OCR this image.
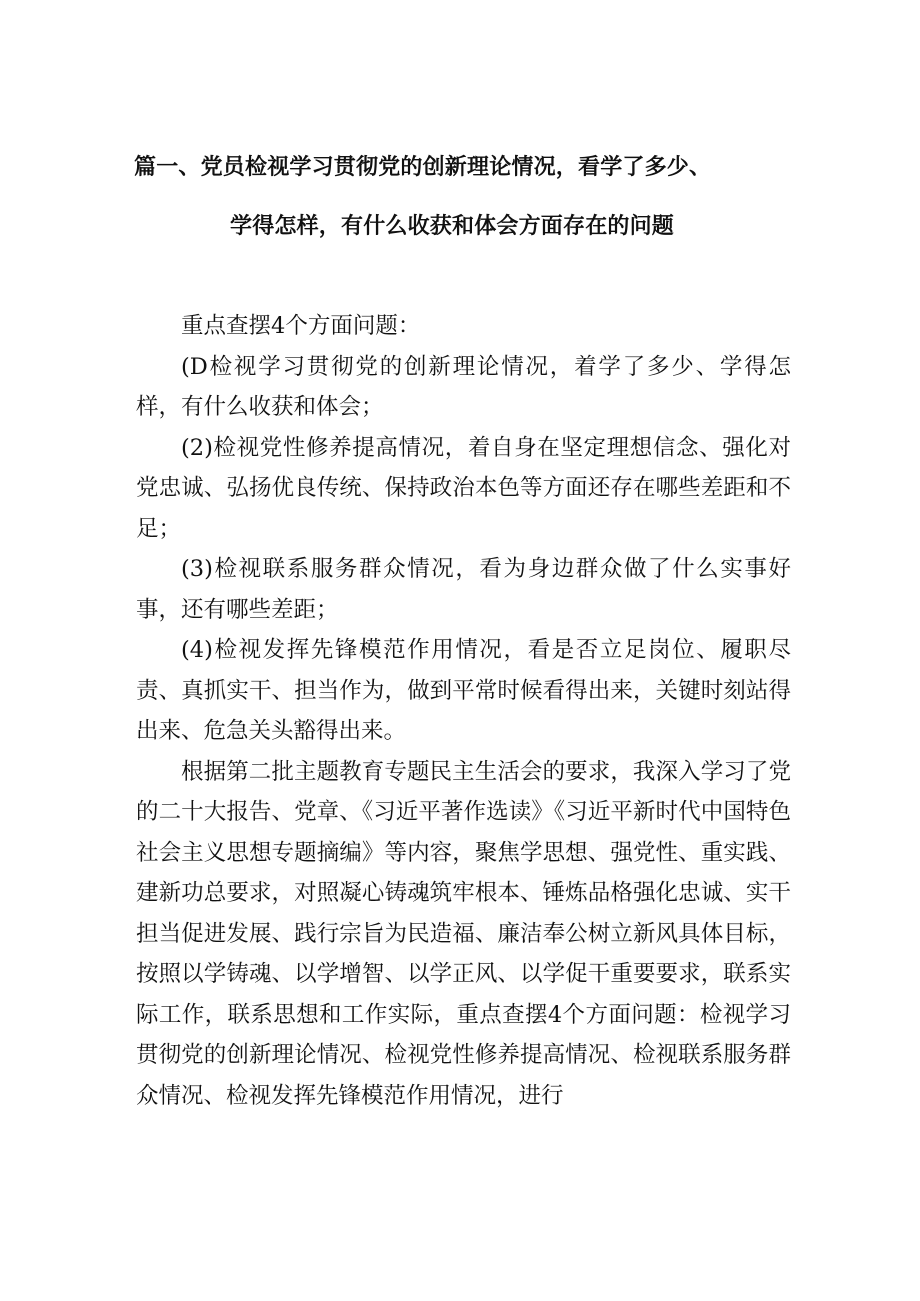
篇一、党员检视学习贯彻党的创新理论情况，看学了多少、
学得怎样，有什么收获和体会方面存在的问题

重点查摆4个方面问题：

(D检视学习贯彻党的创新理论情况，着学了多少、学得怎样，有什么收获和体会；

(2)检视党性修养提高情况，着自身在坚定理想信念、强化对党忠诚、弘扬优良传统、保持政治本色等方面还存在哪些差距和不足；

(3)检视联系服务群众情况，看为身边群众做了什么实事好事，还有哪些差距；

(4)检视发挥先锋模范作用情况，看是否立足岗位、履职尽责、真抓实干、担当作为，做到平常时候看得出来，关键时刻站得出来、危急关头豁得出来。

根据第二批主题教育专题民主生活会的要求，我深入学习了党的二十大报告、党章、《习近平著作选读》《习近平新时代中国特色社会主义思想专题摘编》等内容，聚焦学思想、强党性、重实践、建新功总要求，对照凝心铸魂筑牢根本、锤炼品格强化忠诚、实干担当促进发展、践行宗旨为民造福、廉洁奉公树立新风具体目标，按照以学铸魂、以学增智、以学正风、以学促干重要要求，联系实际工作，联系思想和工作实际，重点查摆4个方面问题：检视学习贯彻党的创新理论情况、检视党性修养提高情况、检视联系服务群众情况、检视发挥先锋模范作用情况，进行
